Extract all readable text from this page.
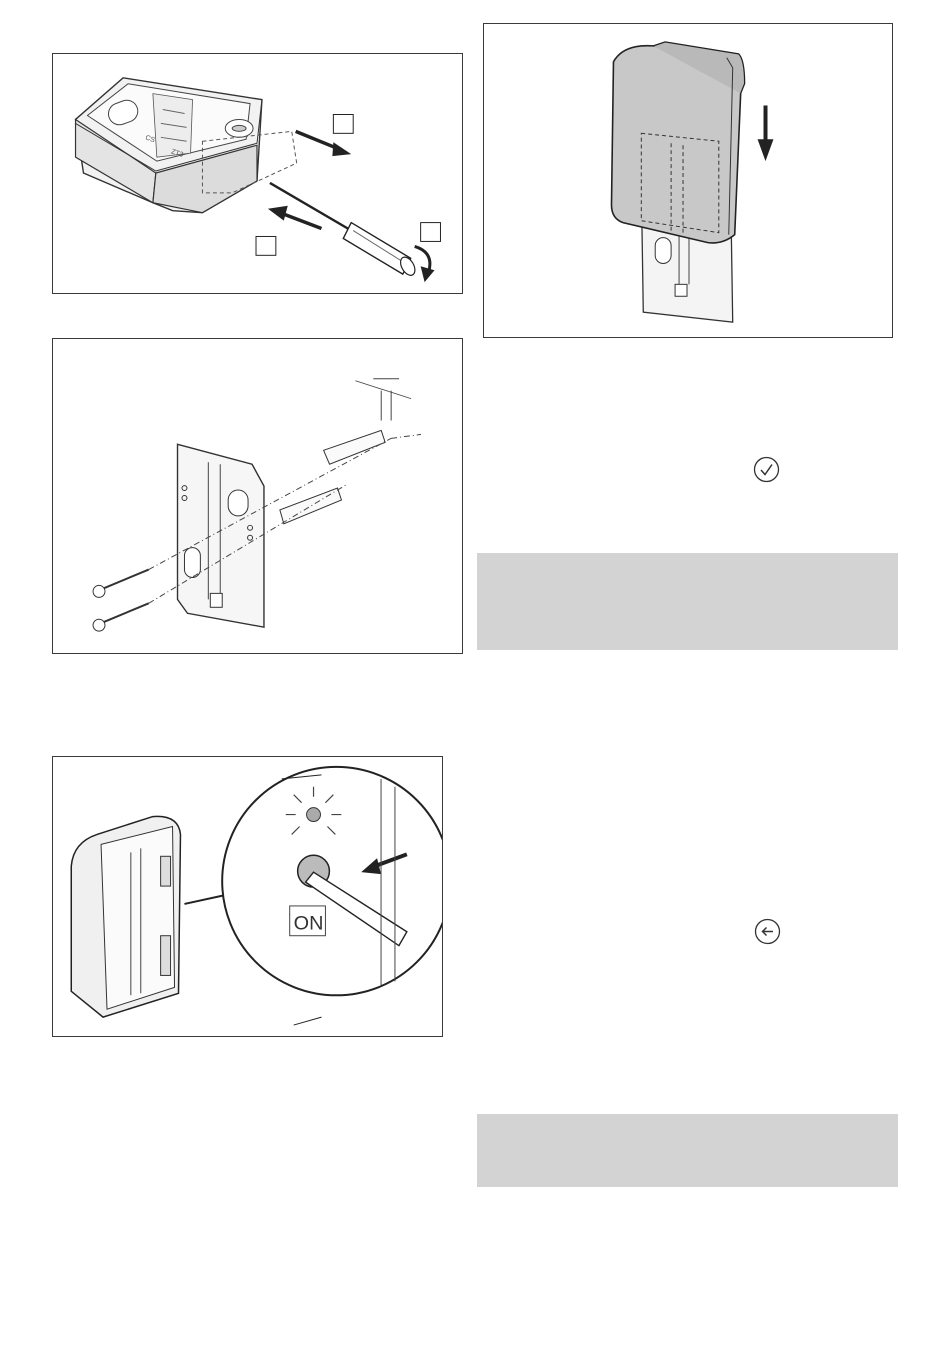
CS
ZT3
ON
